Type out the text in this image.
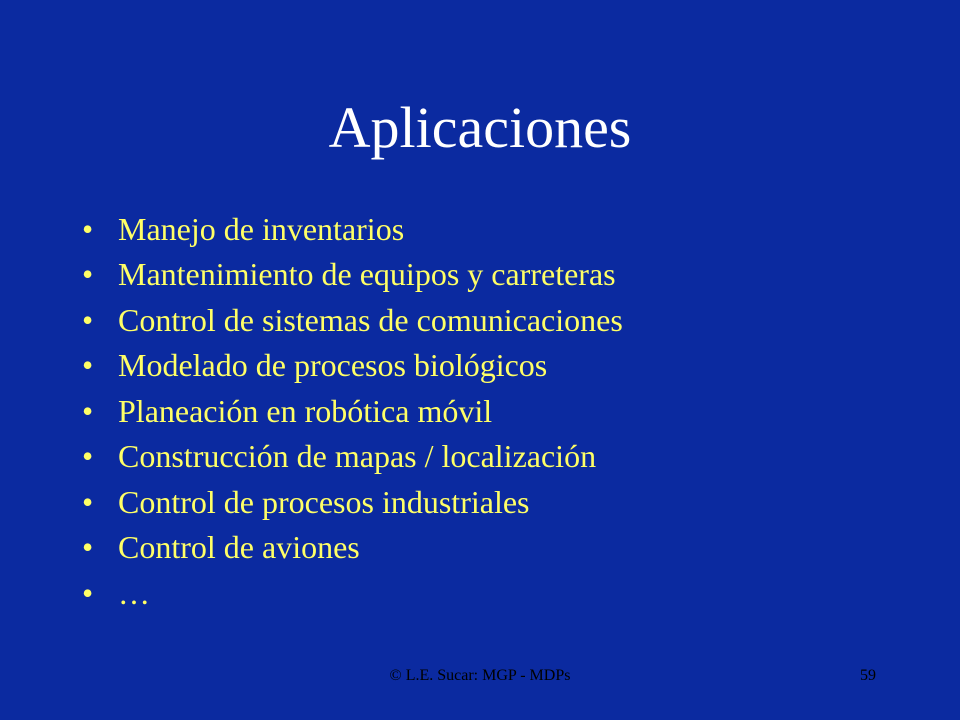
Aplicaciones
• Manejo de inventarios
• Mantenimiento de equipos y carreteras
• Control de sistemas de comunicaciones
• Modelado de procesos biológicos
• Planeación en robótica móvil
• Construcción de mapas / localización
• Control de procesos industriales
• Control de aviones
• …
© L.E. Sucar: MGP - MDPs	59
